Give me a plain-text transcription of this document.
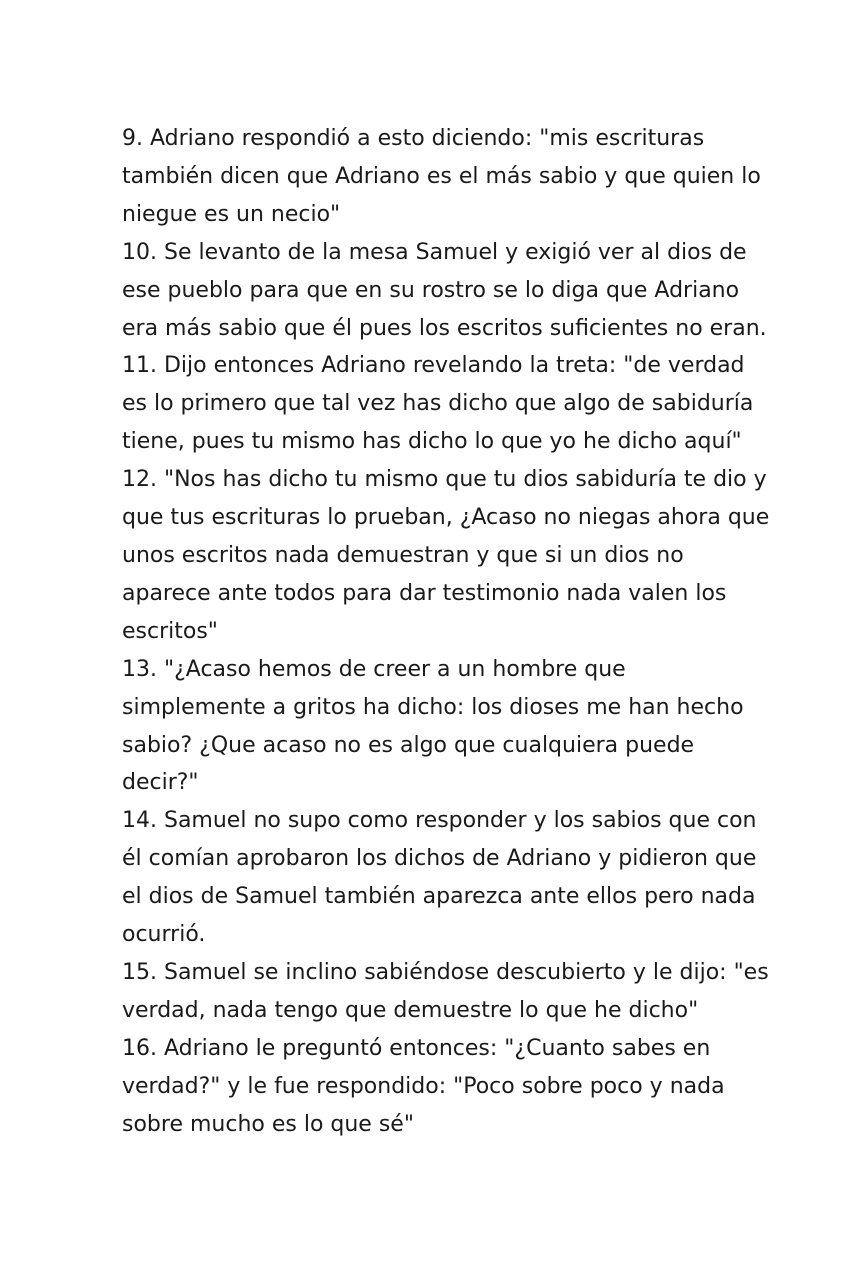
9. Adriano respondió a esto diciendo: "mis escrituras
también dicen que Adriano es el más sabio y que quien lo
niegue es un necio"
10. Se levanto de la mesa Samuel y exigió ver al dios de
ese pueblo para que en su rostro se lo diga que Adriano
era más sabio que él pues los escritos suficientes no eran.
11. Dijo entonces Adriano revelando la treta: "de verdad
es lo primero que tal vez has dicho que algo de sabiduría
tiene, pues tu mismo has dicho lo que yo he dicho aquí"
12. "Nos has dicho tu mismo que tu dios sabiduría te dio y
que tus escrituras lo prueban, ¿Acaso no niegas ahora que
unos escritos nada demuestran y que si un dios no
aparece ante todos para dar testimonio nada valen los
escritos"
13. "¿Acaso hemos de creer a un hombre que
simplemente a gritos ha dicho: los dioses me han hecho
sabio? ¿Que acaso no es algo que cualquiera puede
decir?"
14. Samuel no supo como responder y los sabios que con
él comían aprobaron los dichos de Adriano y pidieron que
el dios de Samuel también aparezca ante ellos pero nada
ocurrió.
15. Samuel se inclino sabiéndose descubierto y le dijo: "es
verdad, nada tengo que demuestre lo que he dicho"
16. Adriano le preguntó entonces: "¿Cuanto sabes en
verdad?" y le fue respondido: "Poco sobre poco y nada
sobre mucho es lo que sé"
